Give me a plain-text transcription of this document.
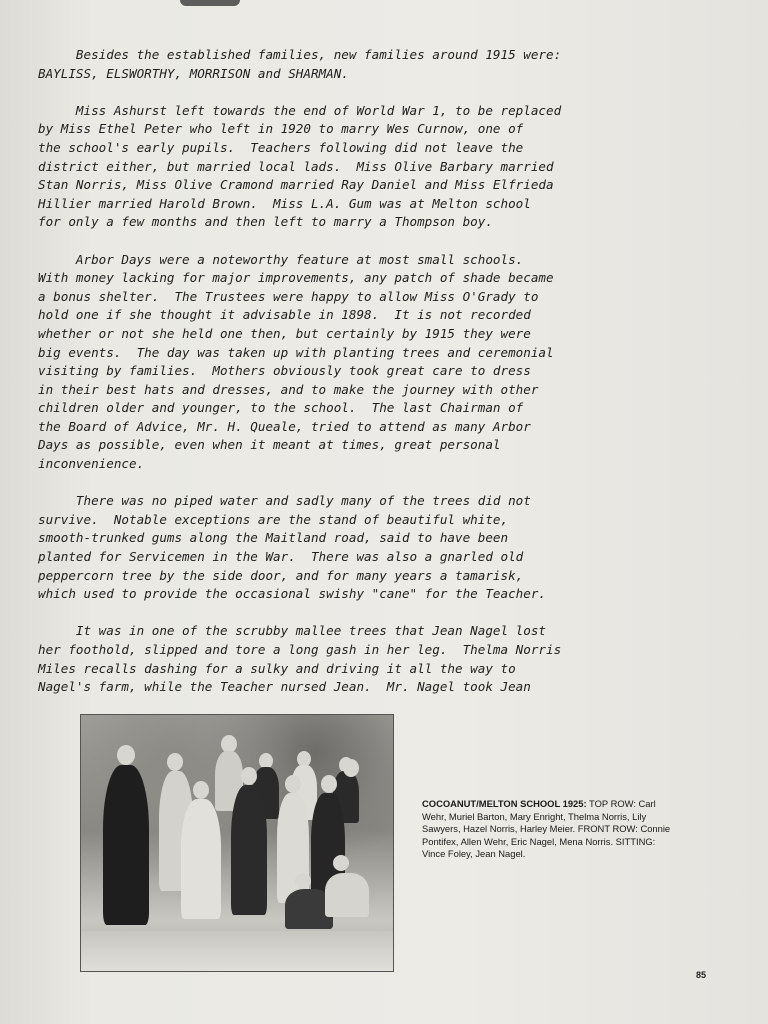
Besides the established families, new families around 1915 were:
BAYLISS, ELSWORTHY, MORRISON and SHARMAN.
Miss Ashurst left towards the end of World War 1, to be replaced
by Miss Ethel Peter who left in 1920 to marry Wes Curnow, one of
the school's early pupils.  Teachers following did not leave the
district either, but married local lads.  Miss Olive Barbary married
Stan Norris, Miss Olive Cramond married Ray Daniel and Miss Elfrieda
Hillier married Harold Brown.  Miss L.A. Gum was at Melton school
for only a few months and then left to marry a Thompson boy.
Arbor Days were a noteworthy feature at most small schools.
With money lacking for major improvements, any patch of shade became
a bonus shelter.  The Trustees were happy to allow Miss O'Grady to
hold one if she thought it advisable in 1898.  It is not recorded
whether or not she held one then, but certainly by 1915 they were
big events.  The day was taken up with planting trees and ceremonial
visiting by families.  Mothers obviously took great care to dress
in their best hats and dresses, and to make the journey with other
children older and younger, to the school.  The last Chairman of
the Board of Advice, Mr. H. Queale, tried to attend as many Arbor
Days as possible, even when it meant at times, great personal
inconvenience.
There was no piped water and sadly many of the trees did not
survive.  Notable exceptions are the stand of beautiful white,
smooth-trunked gums along the Maitland road, said to have been
planted for Servicemen in the War.  There was also a gnarled old
peppercorn tree by the side door, and for many years a tamarisk,
which used to provide the occasional swishy "cane" for the Teacher.
It was in one of the scrubby mallee trees that Jean Nagel lost
her foothold, slipped and tore a long gash in her leg.  Thelma Norris
Miles recalls dashing for a sulky and driving it all the way to
Nagel's farm, while the Teacher nursed Jean.  Mr. Nagel took Jean
COCOANUT/MELTON SCHOOL 1925: TOP ROW: Carl Wehr, Muriel Barton, Mary Enright, Thelma Norris, Lily Sawyers, Hazel Norris, Harley Meier. FRONT ROW: Connie Pontifex, Allen Wehr, Eric Nagel, Mena Norris. SITTING: Vince Foley, Jean Nagel.
85
